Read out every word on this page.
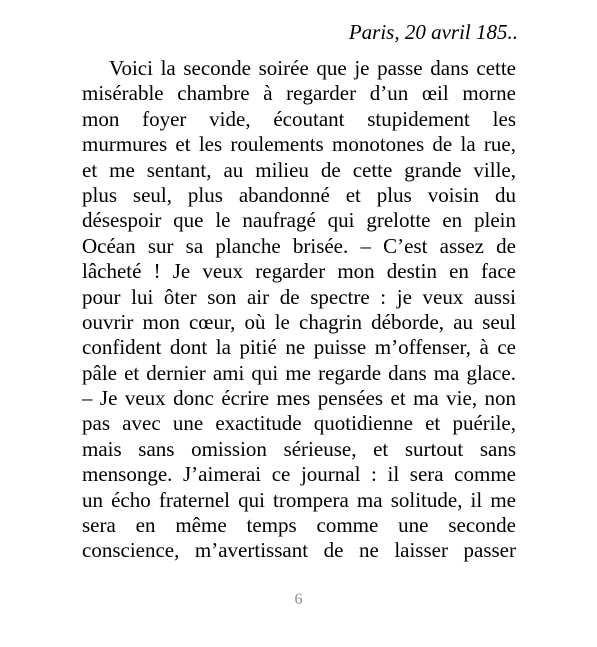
Paris, 20 avril 185..
Voici la seconde soirée que je passe dans cette
misérable chambre à regarder d’un œil morne
mon foyer vide, écoutant stupidement les
murmures et les roulements monotones de la rue,
et me sentant, au milieu de cette grande ville,
plus seul, plus abandonné et plus voisin du
désespoir que le naufragé qui grelotte en plein
Océan sur sa planche brisée. – C’est assez de
lâcheté ! Je veux regarder mon destin en face
pour lui ôter son air de spectre : je veux aussi
ouvrir mon cœur, où le chagrin déborde, au seul
confident dont la pitié ne puisse m’offenser, à ce
pâle et dernier ami qui me regarde dans ma glace.
– Je veux donc écrire mes pensées et ma vie, non
pas avec une exactitude quotidienne et puérile,
mais sans omission sérieuse, et surtout sans
mensonge. J’aimerai ce journal : il sera comme
un écho fraternel qui trompera ma solitude, il me
sera en même temps comme une seconde
conscience, m’avertissant de ne laisser passer
6
